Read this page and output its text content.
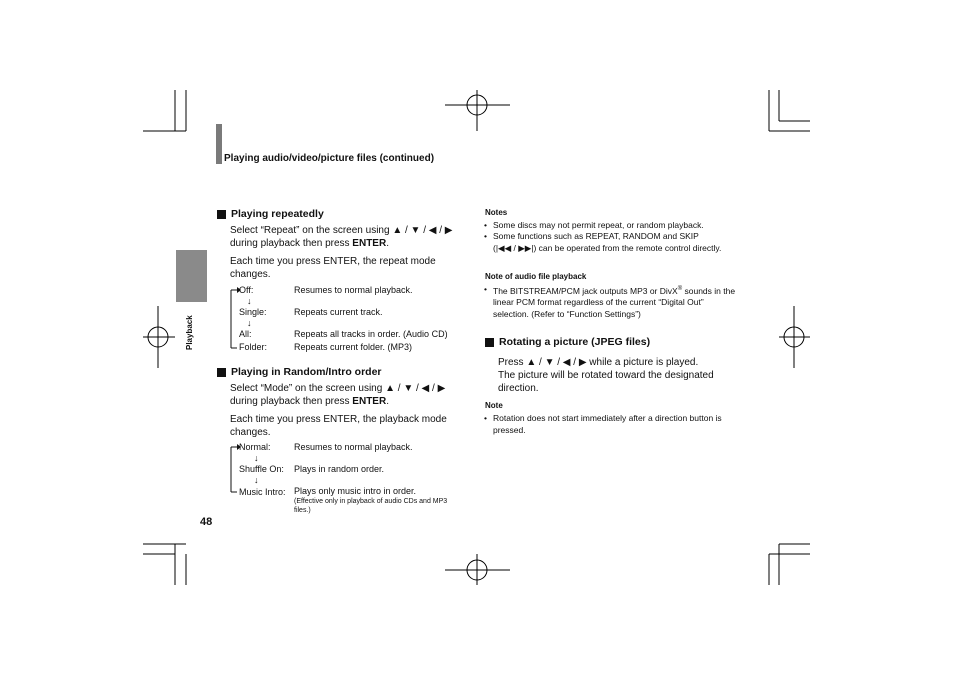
Playing audio/video/picture files (continued)
Playback
Playing repeatedly
Select “Repeat” on the screen using ▲ / ▼ / ◀ / ▶
during playback then press ENTER.
Each time you press ENTER, the repeat mode changes.
Off:	Resumes to normal playback.
↓
Single:	Repeats current track.
↓
All:	Repeats all tracks in order. (Audio CD)
Folder:	Repeats current folder. (MP3)
Playing in Random/Intro order
Select “Mode” on the screen using ▲ / ▼ / ◀ / ▶
during playback then press ENTER.
Each time you press ENTER, the playback mode changes.
Normal:	Resumes to normal playback.
↓
Shuffle On: Plays in random order.
↓
Music Intro: Plays only music intro in order.
(Effective only in playback of audio CDs and MP3 files.)
48
Notes
• Some discs may not permit repeat, or random playback.
• Some functions such as REPEAT, RANDOM and SKIP
(|◀◀ / ▶▶|) can be operated from the remote control directly.
Note of audio file playback
• The BITSTREAM/PCM jack outputs MP3 or DivX® sounds in the linear PCM format regardless of the current “Digital Out” selection. (Refer to “Function Settings”)
Rotating a picture (JPEG files)
Press ▲ / ▼ / ◀ / ▶ while a picture is played.
The picture will be rotated toward the designated direction.
Note
• Rotation does not start immediately after a direction button is pressed.
